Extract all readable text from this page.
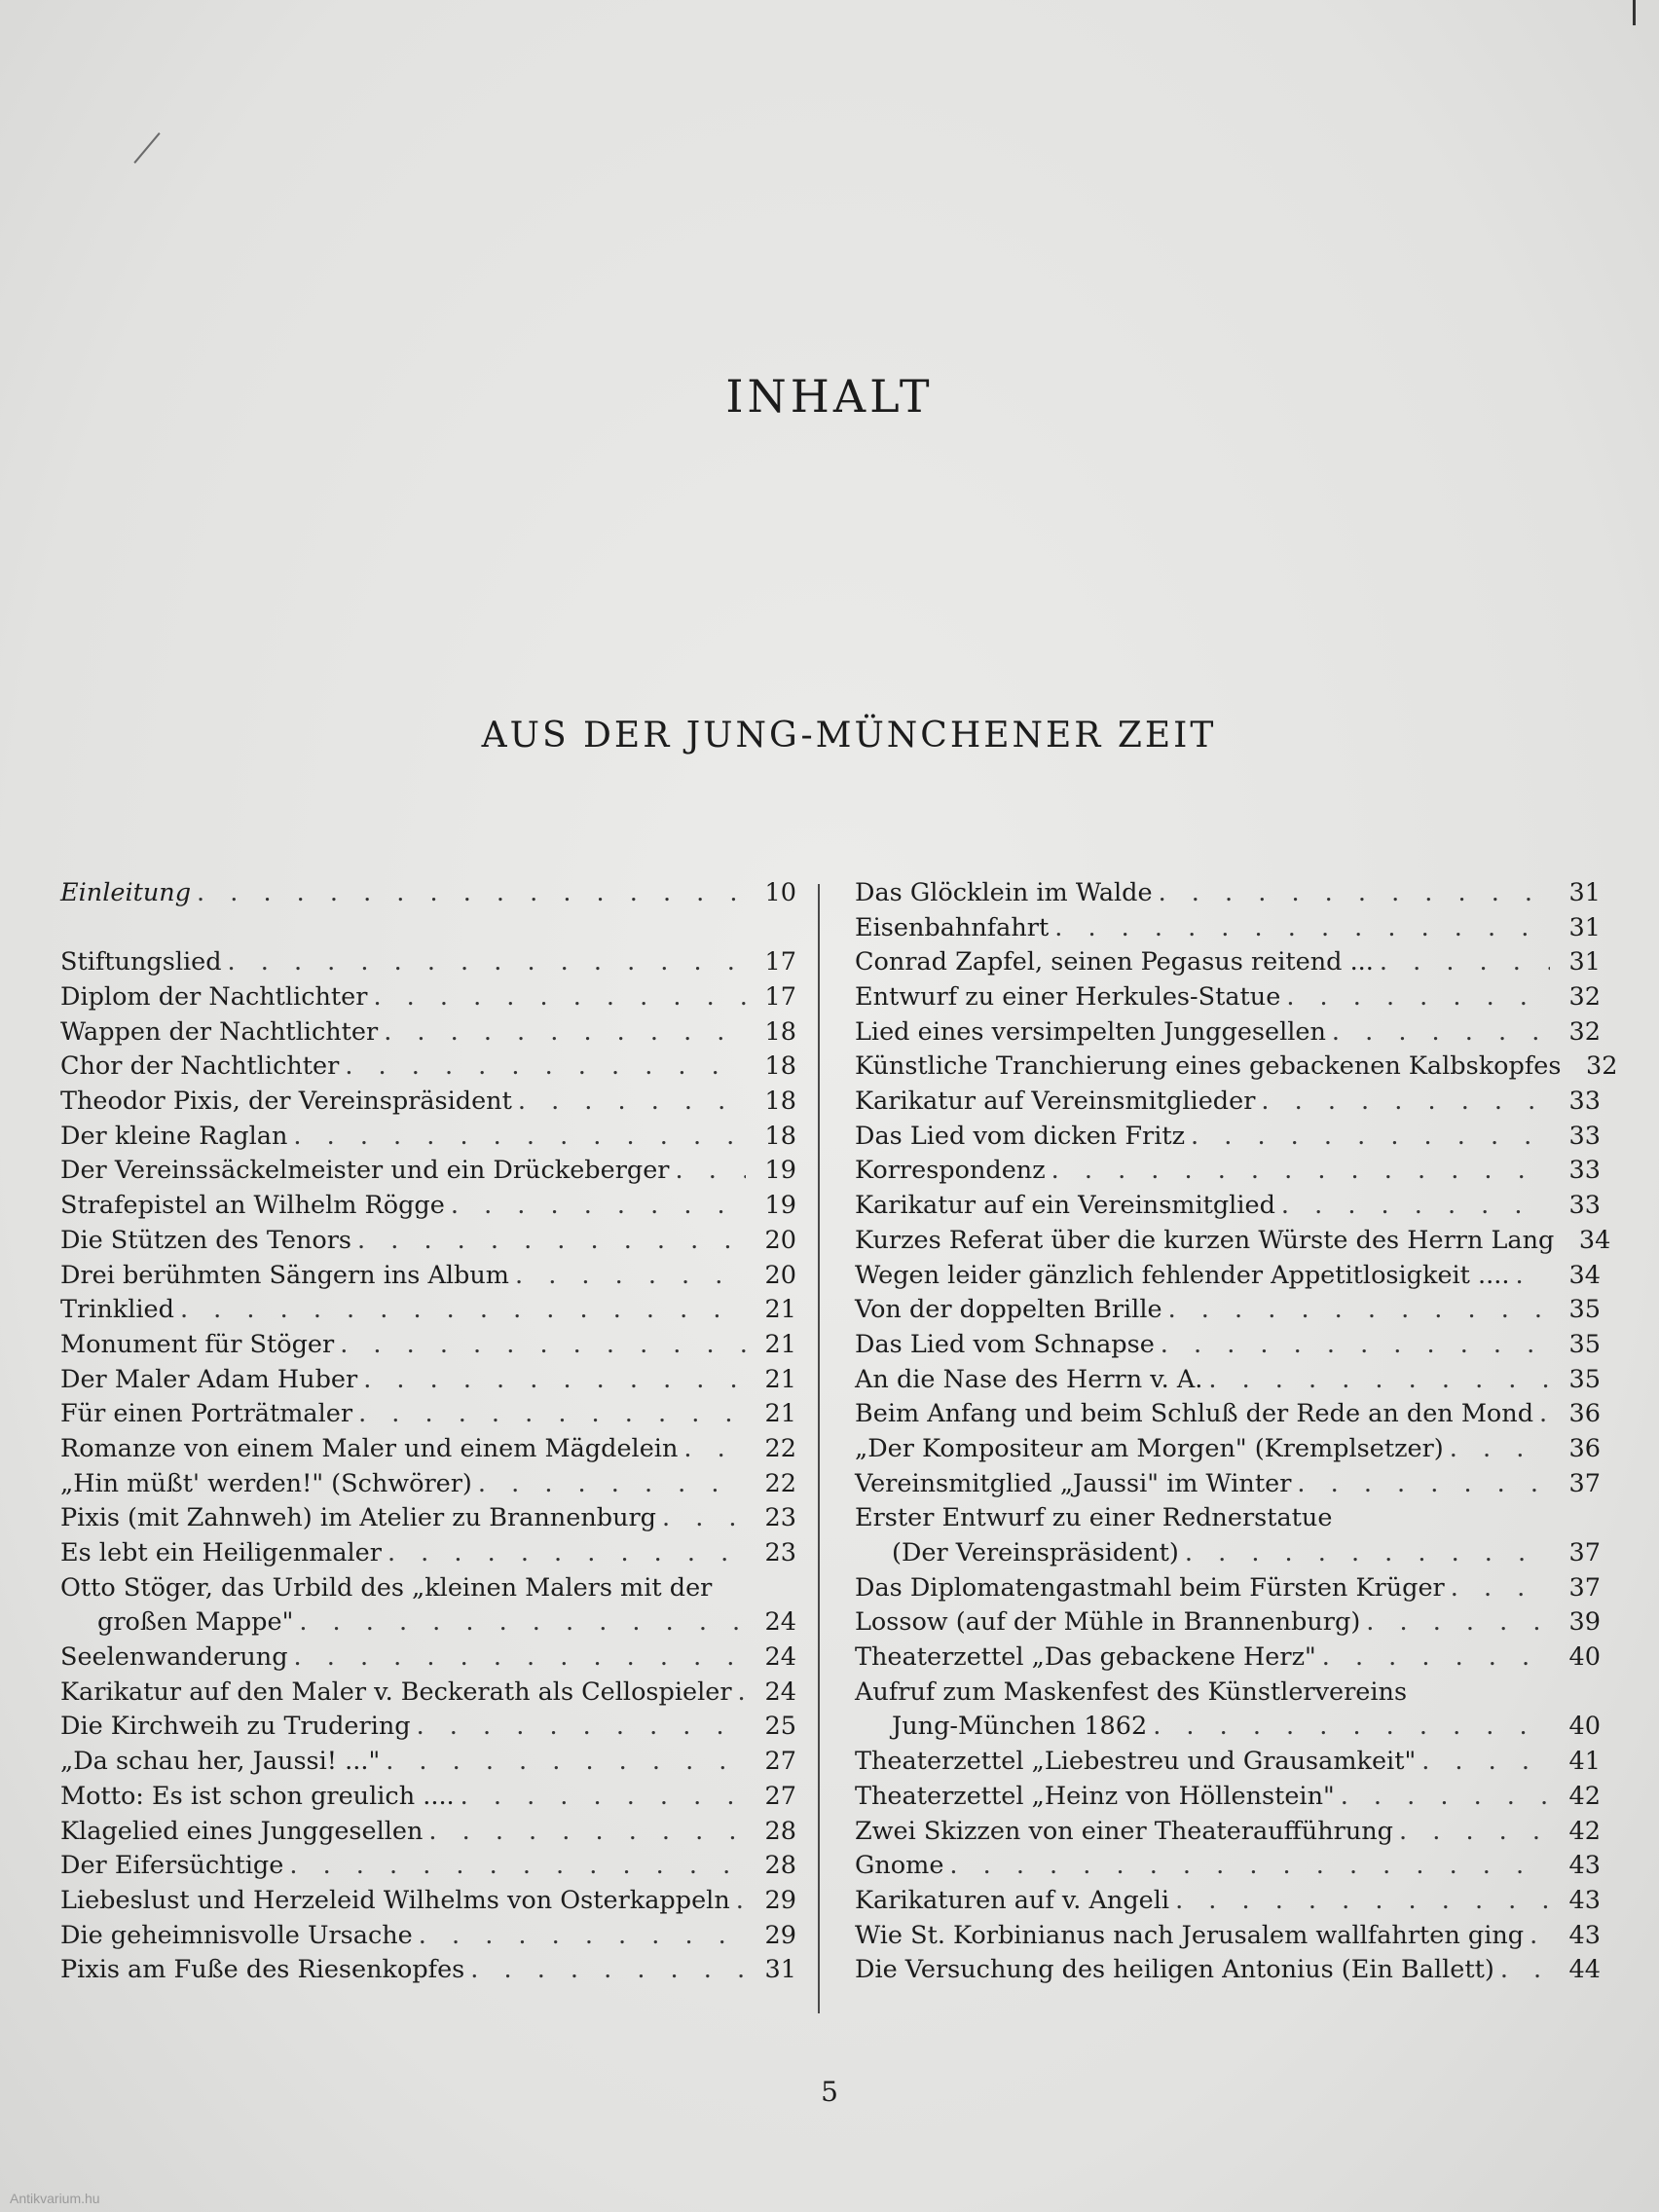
INHALT
AUS DER JUNG-MÜNCHENER ZEIT
Einleitung . . .	10
Stiftungslied . . .	17
Diplom der Nachtlichter . . .	17
Wappen der Nachtlichter . . .	18
Chor der Nachtlichter . . .	18
Theodor Pixis, der Vereinspräsident . . .	18
Der kleine Raglan . . .	18
Der Vereinssäckelmeister und ein Drückeberger . . .	19
Strafepistel an Wilhelm Rögge . . .	19
Die Stützen des Tenors . . .	20
Drei berühmten Sängern ins Album . . .	20
Trinklied . . .	21
Monument für Stöger . . .	21
Der Maler Adam Huber . . .	21
Für einen Porträtmaler . . .	21
Romanze von einem Maler und einem Mägdelein . . .	22
„Hin müßt' werden!" (Schwörer) . . .	22
Pixis (mit Zahnweh) im Atelier zu Brannenburg . . .	23
Es lebt ein Heiligenmaler . . .	23
Otto Stöger, das Urbild des „kleinen Malers mit der
großen Mappe" . . .	24
Seelenwanderung . . .	24
Karikatur auf den Maler v. Beckerath als Cellospieler . . .	24
Die Kirchweih zu Trudering . . .	25
„Da schau her, Jaussi! ..." . . .	27
Motto: Es ist schon greulich .... . . .	27
Klagelied eines Junggesellen . . .	28
Der Eifersüchtige . . .	28
Liebeslust und Herzeleid Wilhelms von Osterkappeln . . .	29
Die geheimnisvolle Ursache . . .	29
Pixis am Fuße des Riesenkopfes . . .	31
Das Glöcklein im Walde . . .	31
Eisenbahnfahrt . . .	31
Conrad Zapfel, seinen Pegasus reitend ... . . .	31
Entwurf zu einer Herkules-Statue . . .	32
Lied eines versimpelten Junggesellen . . .	32
Künstliche Tranchierung eines gebackenen Kalbskopfes	32
Karikatur auf Vereinsmitglieder . . .	33
Das Lied vom dicken Fritz . . .	33
Korrespondenz . . .	33
Karikatur auf ein Vereinsmitglied . . .	33
Kurzes Referat über die kurzen Würste des Herrn Lang	34
Wegen leider gänzlich fehlender Appetitlosigkeit .... . . .	34
Von der doppelten Brille . . .	35
Das Lied vom Schnapse . . .	35
An die Nase des Herrn v. A. . . .	35
Beim Anfang und beim Schluß der Rede an den Mond . . .	36
„Der Kompositeur am Morgen" (Kremplsetzer) . . .	36
Vereinsmitglied „Jaussi" im Winter . . .	37
Erster Entwurf zu einer Rednerstatue
(Der Vereinspräsident) . . .	37
Das Diplomatengastmahl beim Fürsten Krüger . . .	37
Lossow (auf der Mühle in Brannenburg) . . .	39
Theaterzettel „Das gebackene Herz" . . .	40
Aufruf zum Maskenfest des Künstlervereins
Jung-München 1862 . . .	40
Theaterzettel „Liebestreu und Grausamkeit" . . .	41
Theaterzettel „Heinz von Höllenstein" . . .	42
Zwei Skizzen von einer Theateraufführung . . .	42
Gnome . . .	43
Karikaturen auf v. Angeli . . .	43
Wie St. Korbinianus nach Jerusalem wallfahrten ging . . .	43
Die Versuchung des heiligen Antonius (Ein Ballett) . . .	44
5
Antikvarium.hu
